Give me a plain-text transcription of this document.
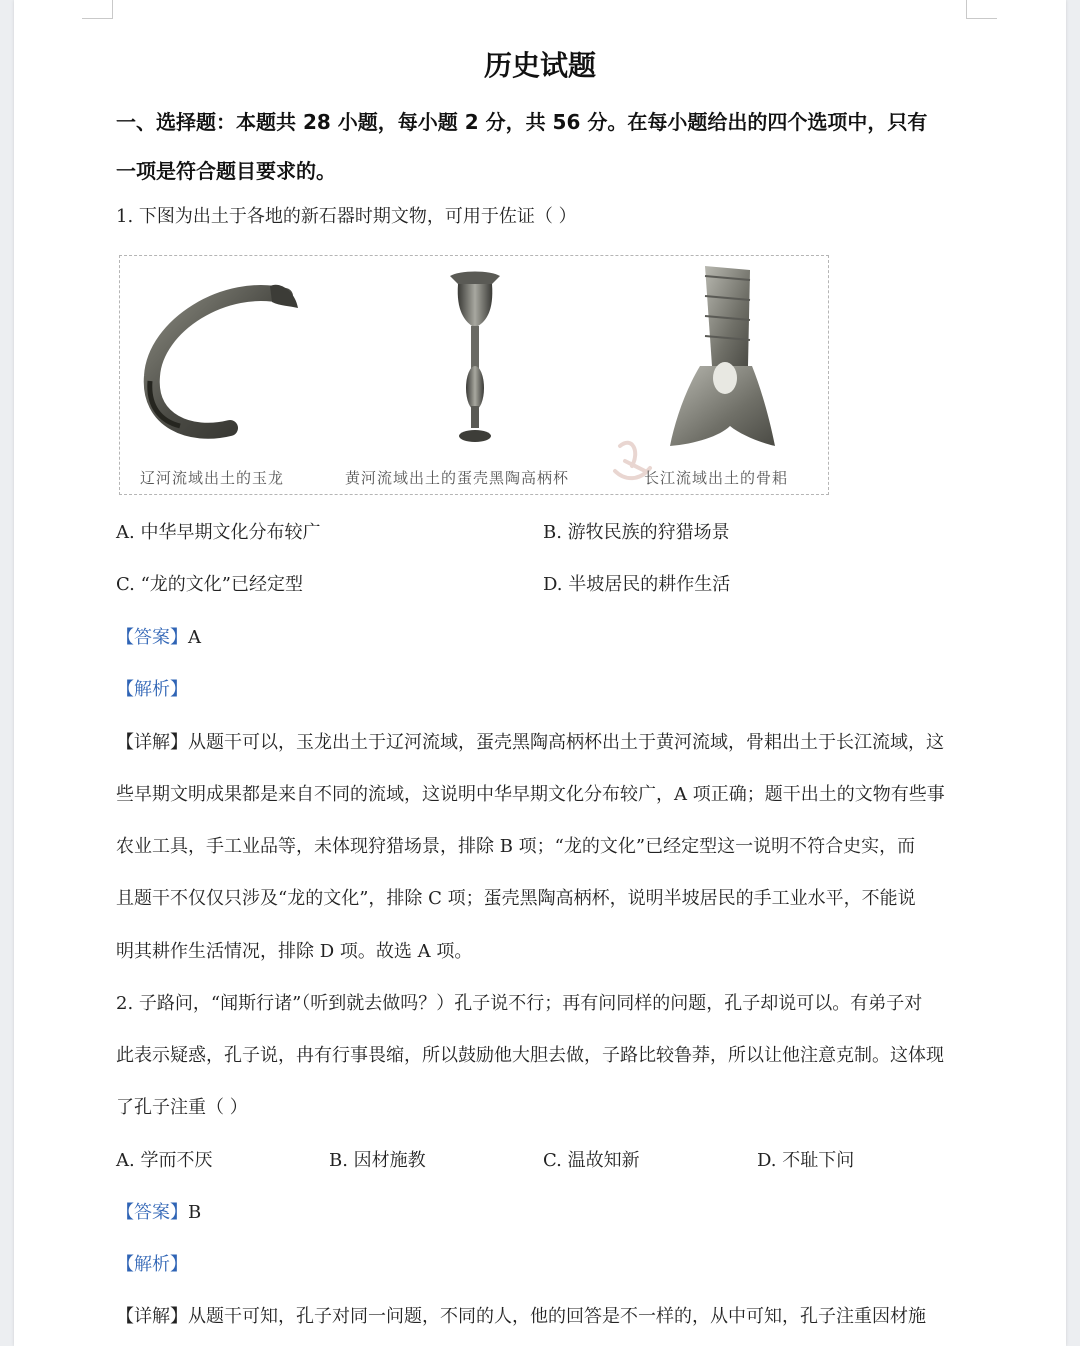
历史试题
一、选择题：本题共 28 小题，每小题 2 分，共 56 分。在每小题给出的四个选项中，只有
一项是符合题目要求的。
1. 下图为出土于各地的新石器时期文物，可用于佐证（ ）
辽河流域出土的玉龙	黄河流域出土的蛋壳黑陶高柄杯	长江流域出土的骨耜
A. 中华早期文化分布较广	B. 游牧民族的狩猎场景
C. “龙的文化”已经定型	D. 半坡居民的耕作生活
【答案】A
【解析】
【详解】从题干可以，玉龙出土于辽河流域，蛋壳黑陶高柄杯出土于黄河流域，骨耜出土于长江流域，这
些早期文明成果都是来自不同的流域，这说明中华早期文化分布较广，A 项正确；题干出土的文物有些事
农业工具，手工业品等，未体现狩猎场景，排除 B 项；“龙的文化”已经定型这一说明不符合史实，而
且题干不仅仅只涉及“龙的文化”，排除 C 项；蛋壳黑陶高柄杯，说明半坡居民的手工业水平，不能说
明其耕作生活情况，排除 D 项。故选 A 项。
2. 子路问，“闻斯行诸”（听到就去做吗？）孔子说不行；再有问同样的问题，孔子却说可以。有弟子对
此表示疑惑，孔子说，冉有行事畏缩，所以鼓励他大胆去做，子路比较鲁莽，所以让他注意克制。这体现
了孔子注重（ ）
A. 学而不厌	B. 因材施教	C. 温故知新	D. 不耻下问
【答案】B
【解析】
【详解】从题干可知，孔子对同一问题，不同的人，他的回答是不一样的，从中可知，孔子注重因材施
